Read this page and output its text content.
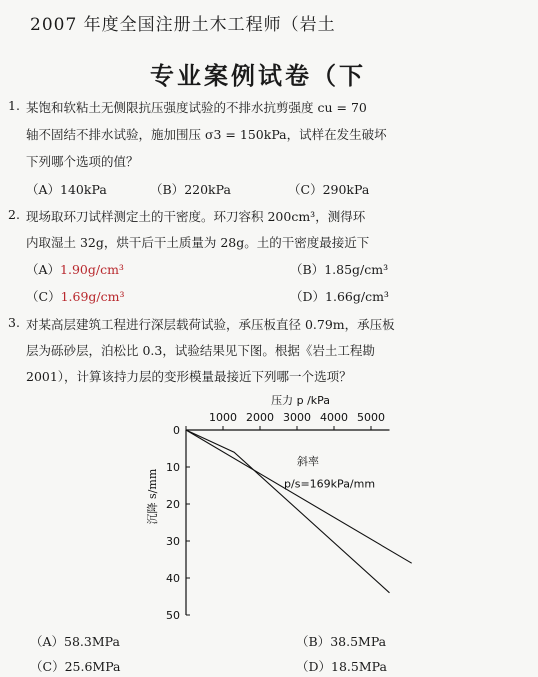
2007 年度全国注册土木工程师（岩土
专业案例试卷（下
1. 某饱和软粘土无侧限抗压强度试验的不排水抗剪强度 cu = 70
轴不固结不排水试验，施加围压 σ3 = 150kPa，试样在发生破坏
下列哪个选项的值？
（A）140kPa	（B）220kPa	（C）290kPa
2. 现场取环刀试样测定土的干密度。环刀容积 200cm³，测得环
内取湿土 32g，烘干后干土质量为 28g。土的干密度最接近下
（A）1.90g/cm³	（B）1.85g/cm³
（C）1.69g/cm³	（D）1.66g/cm³
3. 对某高层建筑工程进行深层载荷试验，承压板直径 0.79m，承压板
层为砾砂层，泊松比 0.3，试验结果见下图。根据《岩土工程勘
2001），计算该持力层的变形模量最接近下列哪一个选项？
1000 2000 3000 4000 5000
0
10
20
30
40
50
压力 p /kPa
沉降 s/mm
斜率
p/s=169kPa/mm
（A）58.3MPa	（B）38.5MPa
（C）25.6MPa	（D）18.5MPa
